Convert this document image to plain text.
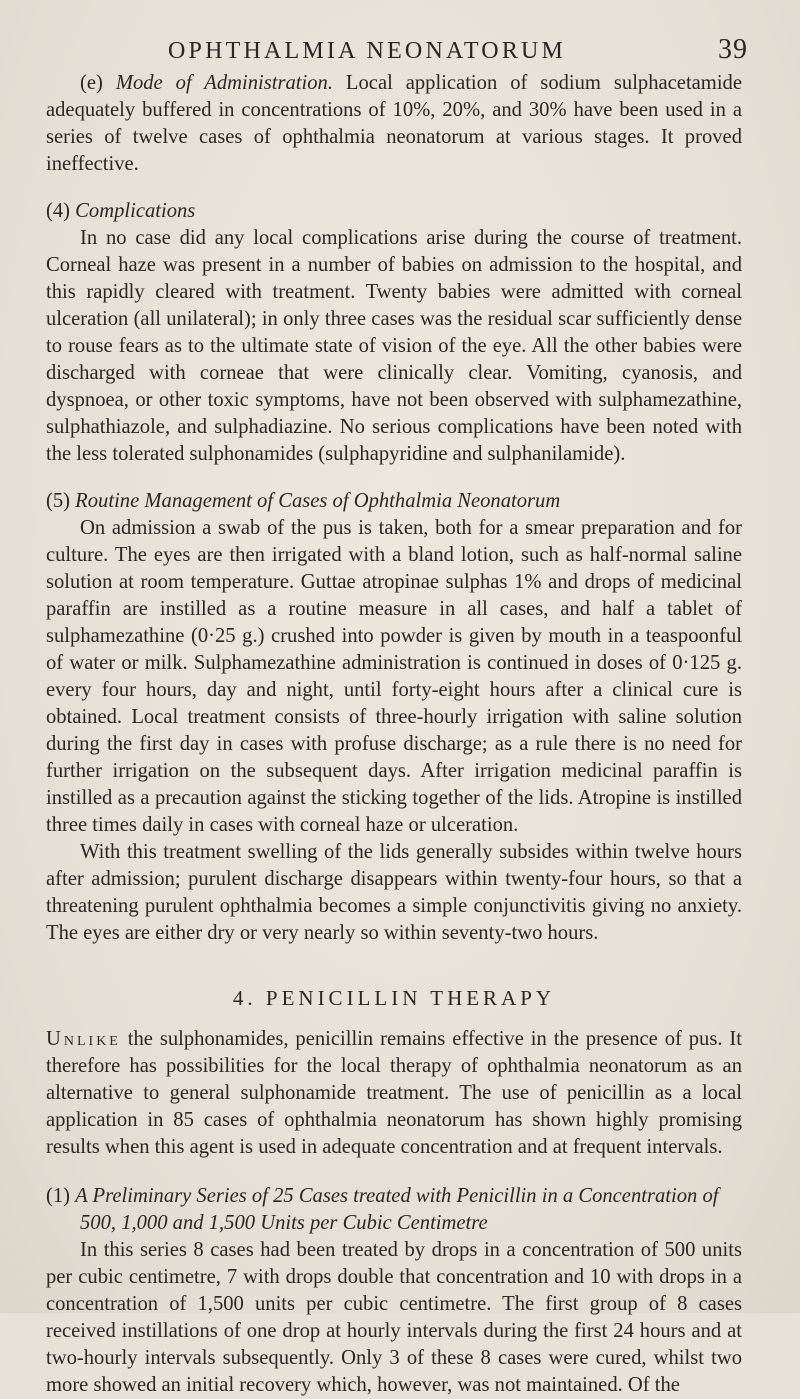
OPHTHALMIA NEONATORUM	39

(e) Mode of Administration. Local application of sodium sulphacetamide adequately buffered in concentrations of 10%, 20%, and 30% have been used in a series of twelve cases of ophthalmia neonatorum at various stages. It proved ineffective.

(4) Complications

In no case did any local complications arise during the course of treatment. Corneal haze was present in a number of babies on admission to the hospital, and this rapidly cleared with treatment. Twenty babies were admitted with corneal ulceration (all unilateral); in only three cases was the residual scar sufficiently dense to rouse fears as to the ultimate state of vision of the eye. All the other babies were discharged with corneae that were clinically clear. Vomiting, cyanosis, and dyspnoea, or other toxic symptoms, have not been observed with sulphamezathine, sulphathiazole, and sulphadiazine. No serious complications have been noted with the less tolerated sulphonamides (sulphapyridine and sulphanilamide).

(5) Routine Management of Cases of Ophthalmia Neonatorum

On admission a swab of the pus is taken, both for a smear preparation and for culture. The eyes are then irrigated with a bland lotion, such as half-normal saline solution at room temperature. Guttae atropinae sulphas 1% and drops of medicinal paraffin are instilled as a routine measure in all cases, and half a tablet of sulphamezathine (0·25 g.) crushed into powder is given by mouth in a teaspoonful of water or milk. Sulphamezathine administration is continued in doses of 0·125 g. every four hours, day and night, until forty-eight hours after a clinical cure is obtained. Local treatment consists of three-hourly irrigation with saline solution during the first day in cases with profuse discharge; as a rule there is no need for further irrigation on the subsequent days. After irrigation medicinal paraffin is instilled as a precaution against the sticking together of the lids. Atropine is instilled three times daily in cases with corneal haze or ulceration.

With this treatment swelling of the lids generally subsides within twelve hours after admission; purulent discharge disappears within twenty-four hours, so that a threatening purulent ophthalmia becomes a simple conjunctivitis giving no anxiety. The eyes are either dry or very nearly so within seventy-two hours.

4. PENICILLIN THERAPY

Unlike the sulphonamides, penicillin remains effective in the presence of pus. It therefore has possibilities for the local therapy of ophthalmia neonatorum as an alternative to general sulphonamide treatment. The use of penicillin as a local application in 85 cases of ophthalmia neonatorum has shown highly promising results when this agent is used in adequate concentration and at frequent intervals.

(1) A Preliminary Series of 25 Cases treated with Penicillin in a Concentration of 500, 1,000 and 1,500 Units per Cubic Centimetre

In this series 8 cases had been treated by drops in a concentration of 500 units per cubic centimetre, 7 with drops double that concentration and 10 with drops in a concentration of 1,500 units per cubic centimetre. The first group of 8 cases received instillations of one drop at hourly intervals during the first 24 hours and at two-hourly intervals subsequently. Only 3 of these 8 cases were cured, whilst two more showed an initial recovery which, however, was not maintained. Of the
